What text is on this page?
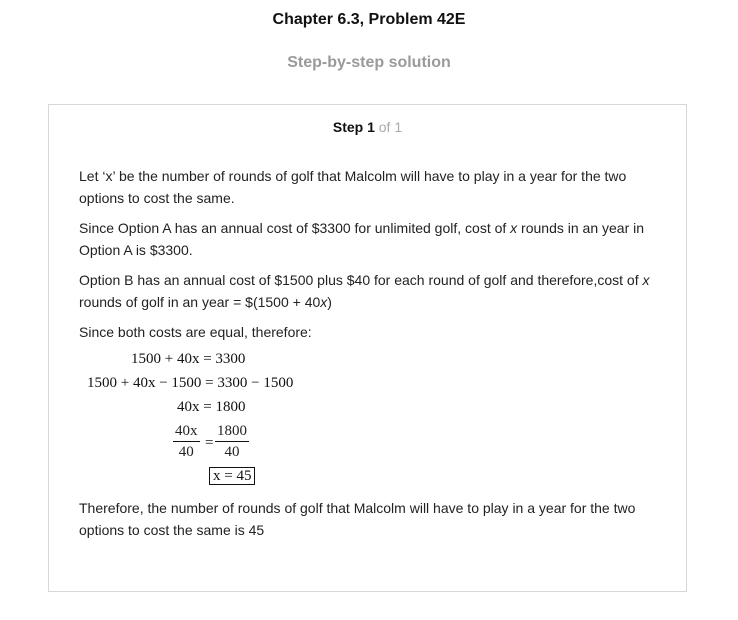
Chapter 6.3, Problem 42E
Step-by-step solution
Step 1 of 1
Let ‘x’ be the number of rounds of golf that Malcolm will have to play in a year for the two options to cost the same.
Since Option A has an annual cost of $3300 for unlimited golf, cost of x rounds in an year in Option A is $3300.
Option B has an annual cost of $1500 plus $40 for each round of golf and therefore,cost of x rounds of golf in an year = $(1500 + 40x)
Since both costs are equal, therefore:
1500 + 40x = 3300
1500 + 40x − 1500 = 3300 − 1500
40x = 1800
$\frac{40x}{40} = \frac{1800}{40}$
x = 45
Therefore, the number of rounds of golf that Malcolm will have to play in a year for the two options to cost the same is 45
